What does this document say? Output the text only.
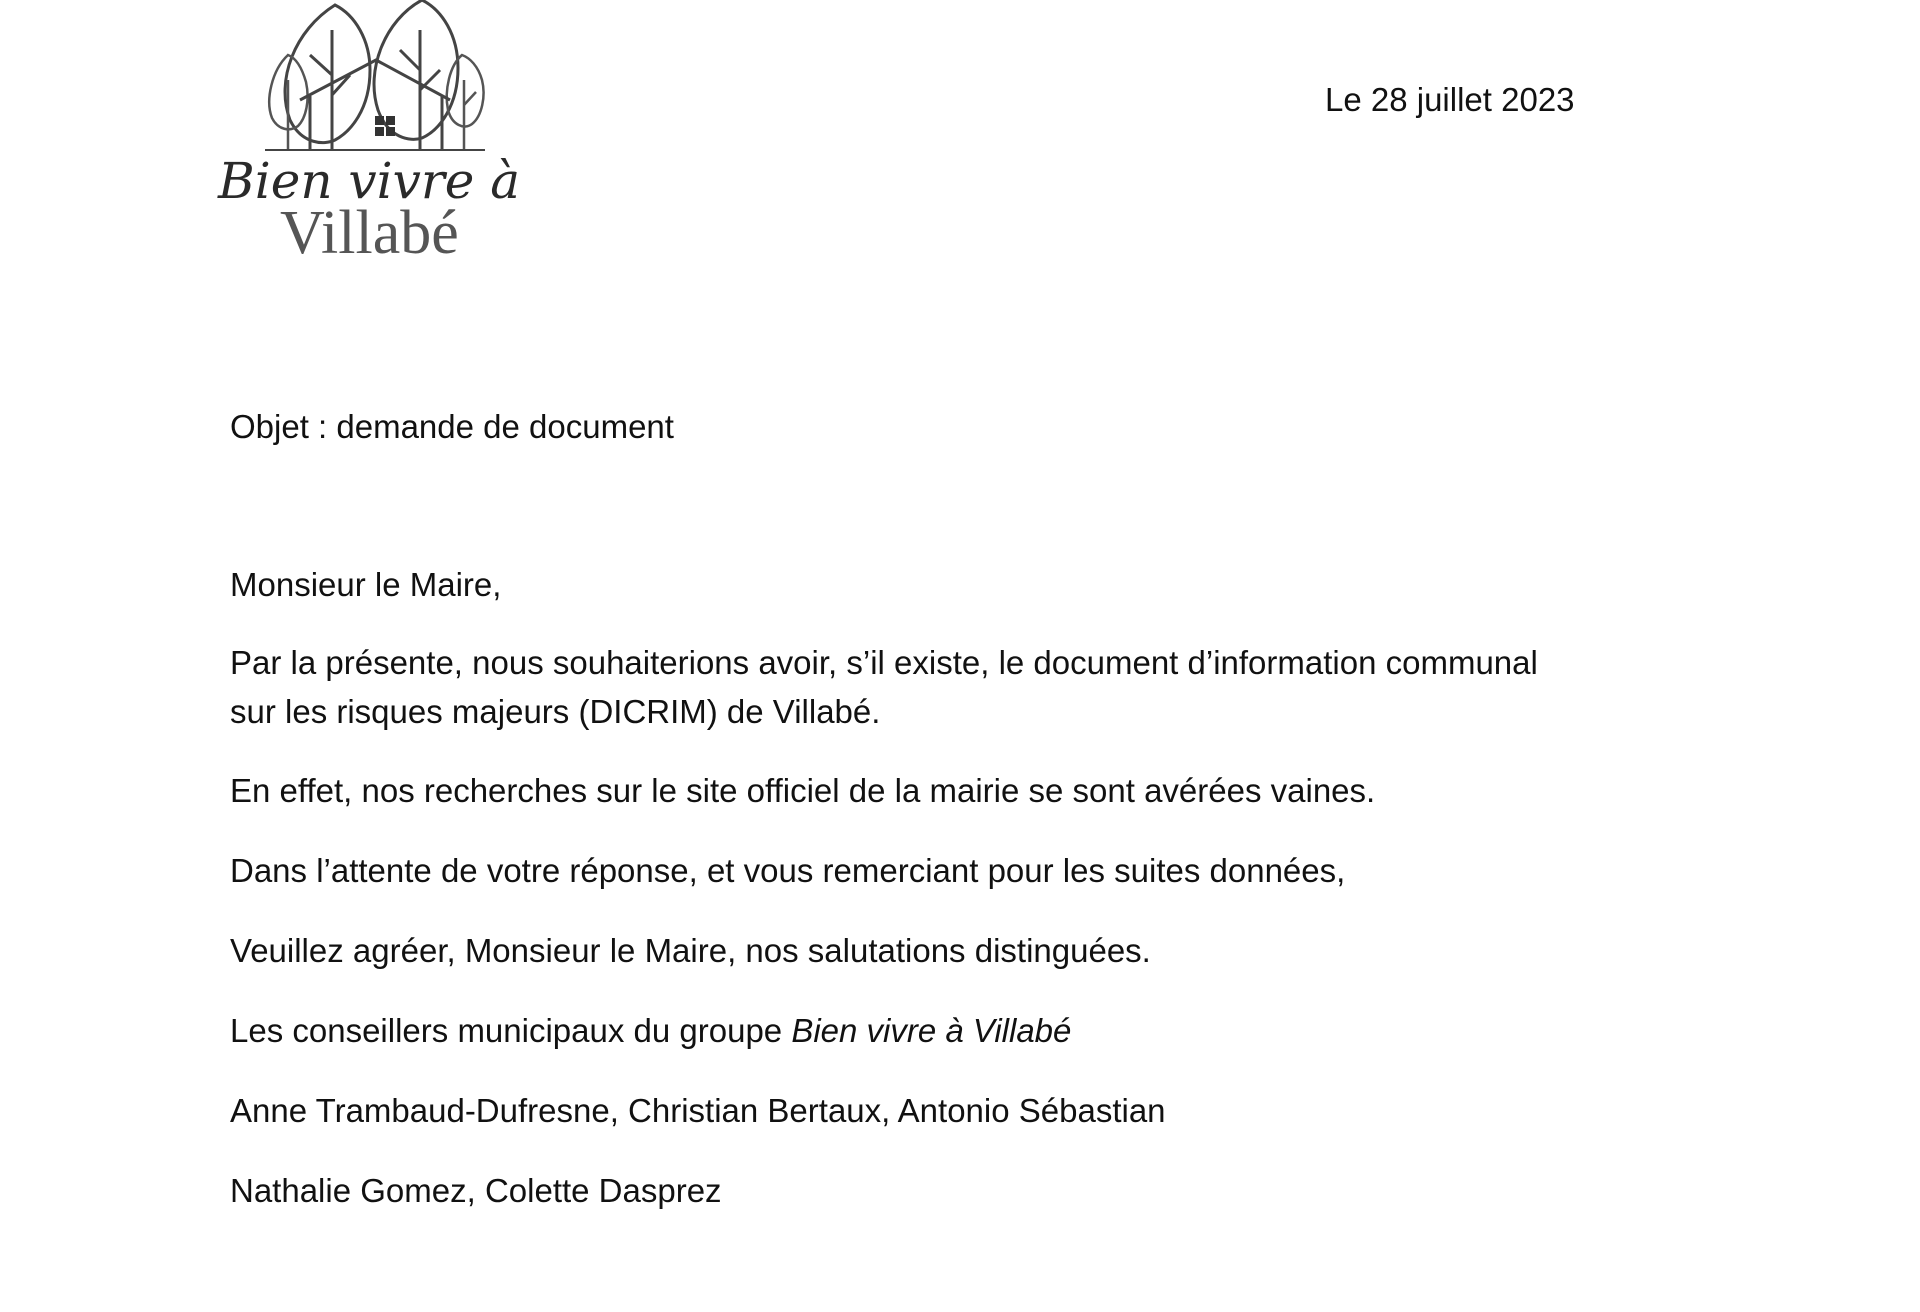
Bien vivre à
Villabé
Le 28 juillet 2023

Objet : demande de document

Monsieur le Maire,

Par la présente, nous souhaiterions avoir, s’il existe, le document d’information communal
sur les risques majeurs (DICRIM) de Villabé.

En effet, nos recherches sur le site officiel de la mairie se sont avérées vaines.

Dans l’attente de votre réponse, et vous remerciant pour les suites données,

Veuillez agréer, Monsieur le Maire, nos salutations distinguées.

Les conseillers municipaux du groupe Bien vivre à Villabé

Anne Trambaud-Dufresne, Christian Bertaux, Antonio Sébastian

Nathalie Gomez, Colette Dasprez
